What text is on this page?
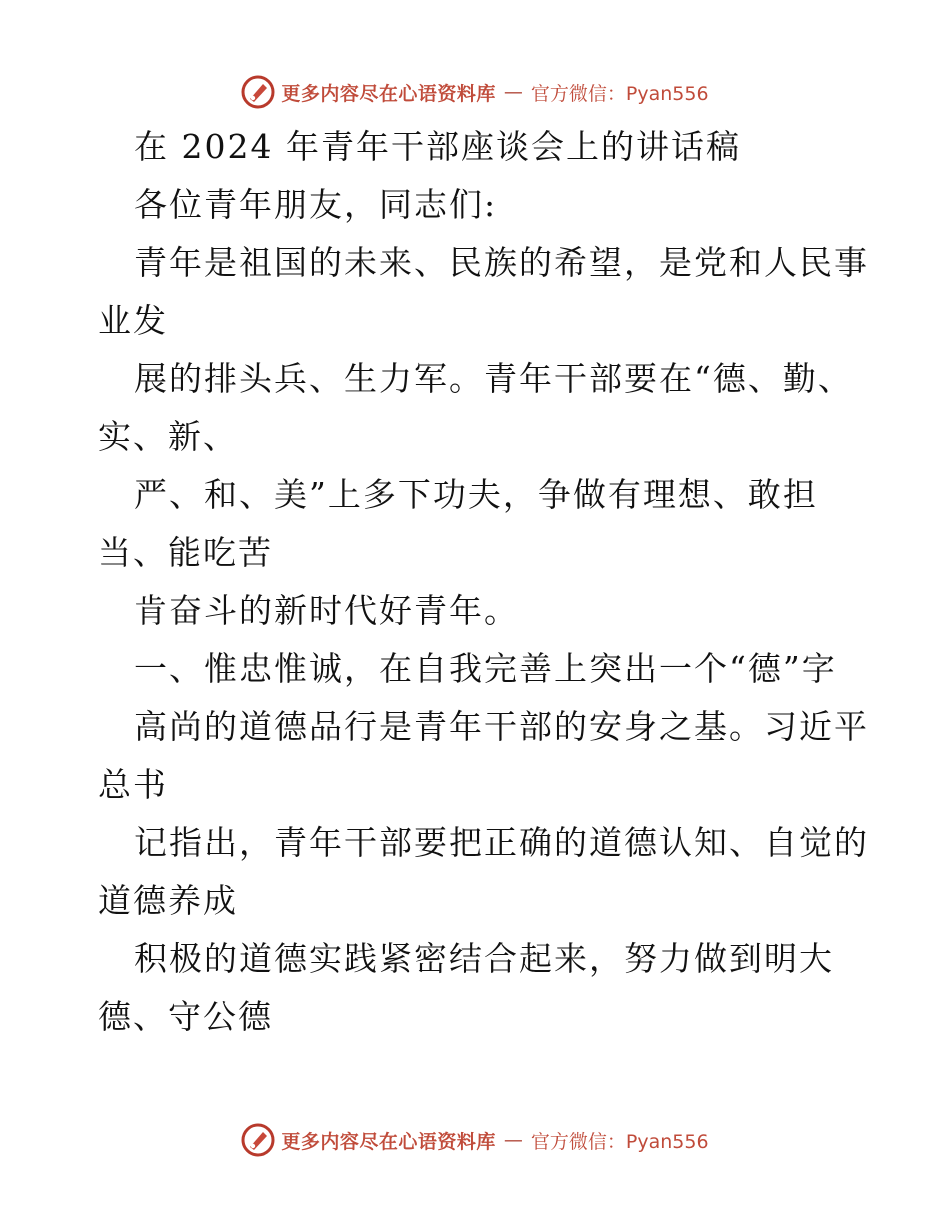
更多内容尽在心语资料库 — 官方微信：Pyan556
在 2024 年青年干部座谈会上的讲话稿
各位青年朋友，同志们:
青年是祖国的未来、民族的希望，是党和人民事
业发
展的排头兵、生力军。青年干部要在“德、勤、
实、新、
严、和、美”上多下功夫，争做有理想、敢担
当、能吃苦
肯奋斗的新时代好青年。
一、惟忠惟诚，在自我完善上突出一个“德”字
高尚的道德品行是青年干部的安身之基。习近平
总书
记指出，青年干部要把正确的道德认知、自觉的
道德养成
积极的道德实践紧密结合起来，努力做到明大
德、守公德
更多内容尽在心语资料库 — 官方微信：Pyan556
